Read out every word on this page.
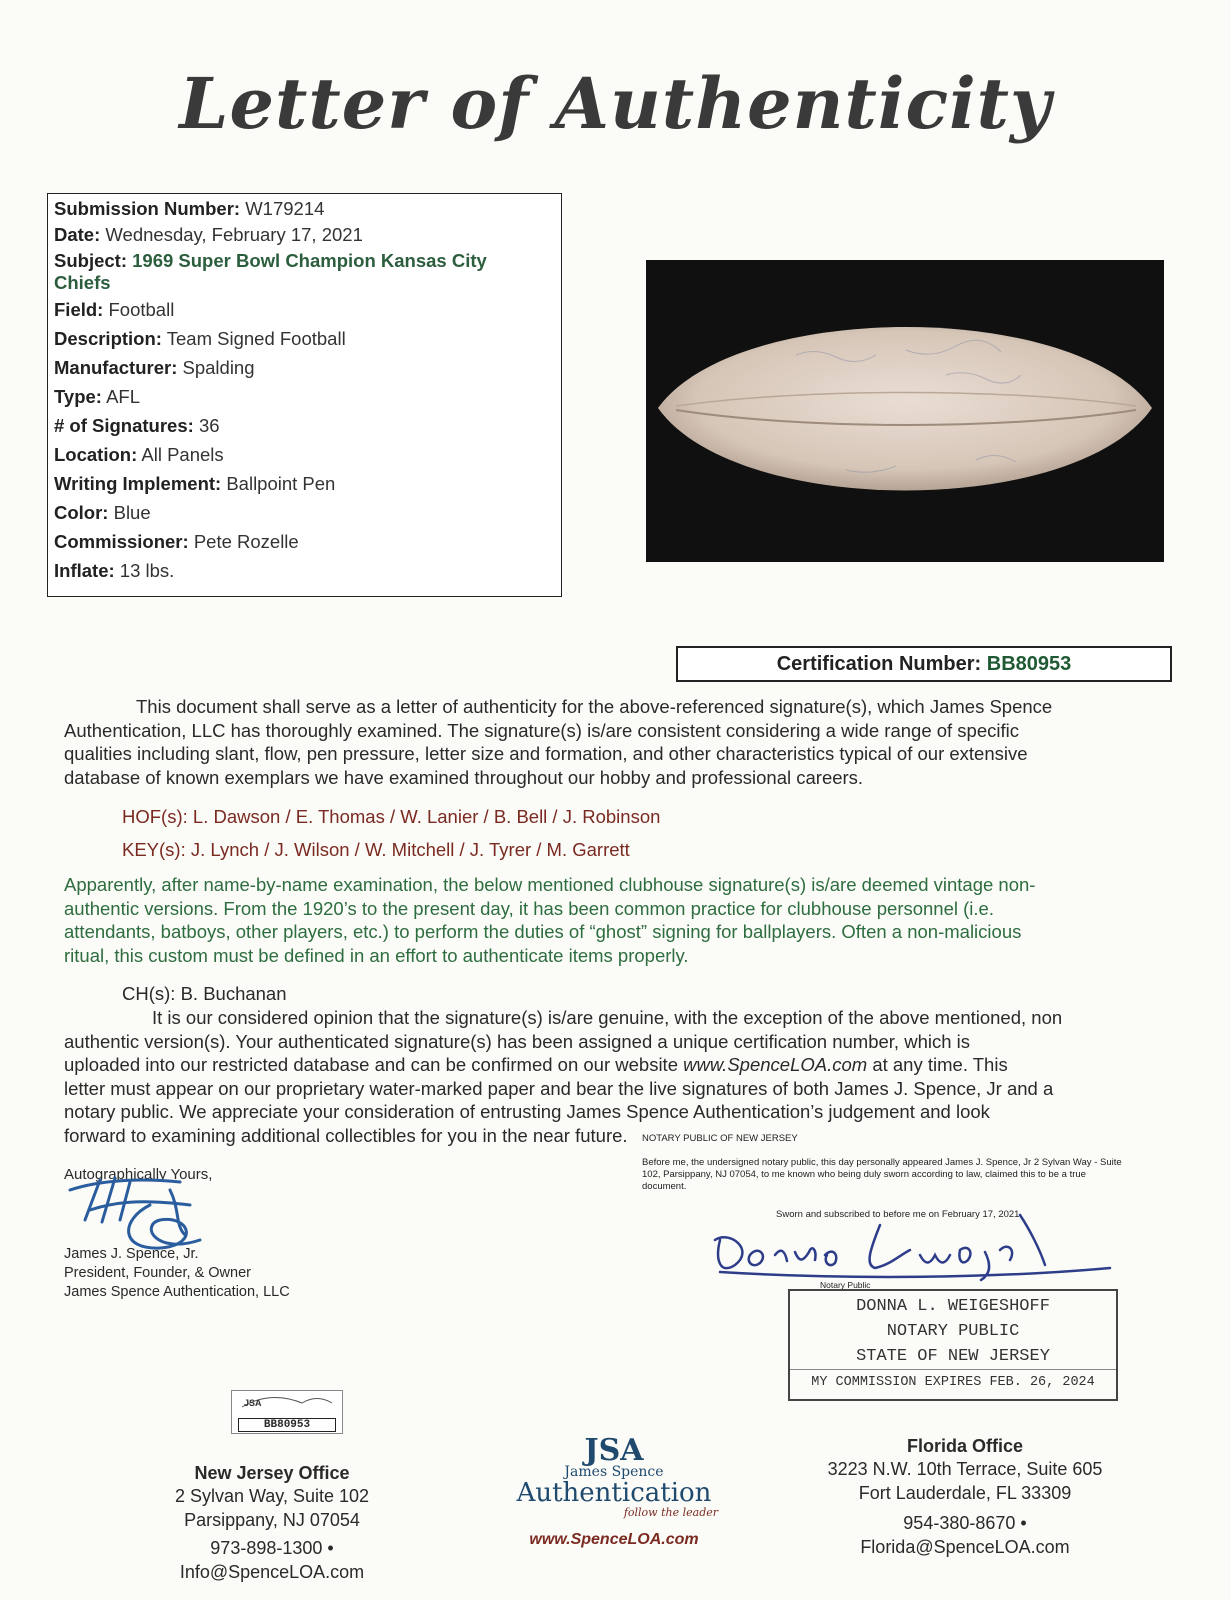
Letter of Authenticity
Submission Number: W179214
Date: Wednesday, February 17, 2021
Subject: 1969 Super Bowl Champion Kansas City
Chiefs
Field: Football
Description: Team Signed Football
Manufacturer: Spalding
Type: AFL
# of Signatures: 36
Location: All Panels
Writing Implement: Ballpoint Pen
Color: Blue
Commissioner: Pete Rozelle
Inflate: 13 lbs.
Certification Number: BB80953
This document shall serve as a letter of authenticity for the above-referenced signature(s), which James Spence
Authentication, LLC has thoroughly examined. The signature(s) is/are consistent considering a wide range of specific
qualities including slant, flow, pen pressure, letter size and formation, and other characteristics typical of our extensive
database of known exemplars we have examined throughout our hobby and professional careers.
HOF(s): L. Dawson / E. Thomas / W. Lanier / B. Bell / J. Robinson
KEY(s): J. Lynch / J. Wilson / W. Mitchell / J. Tyrer / M. Garrett
Apparently, after name-by-name examination, the below mentioned clubhouse signature(s) is/are deemed vintage non-
authentic versions. From the 1920’s to the present day, it has been common practice for clubhouse personnel (i.e.
attendants, batboys, other players, etc.) to perform the duties of “ghost” signing for ballplayers. Often a non-malicious
ritual, this custom must be defined in an effort to authenticate items properly.
CH(s): B. Buchanan
It is our considered opinion that the signature(s) is/are genuine, with the exception of the above mentioned, non
authentic version(s). Your authenticated signature(s) has been assigned a unique certification number, which is
uploaded into our restricted database and can be confirmed on our website www.SpenceLOA.com at any time. This
letter must appear on our proprietary water-marked paper and bear the live signatures of both James J. Spence, Jr and a
notary public. We appreciate your consideration of entrusting James Spence Authentication’s judgement and look
forward to examining additional collectibles for you in the near future.
Autographically Yours,
James J. Spence, Jr.
President, Founder, & Owner
James Spence Authentication, LLC
NOTARY PUBLIC OF NEW JERSEY
Before me, the undersigned notary public, this day personally appeared James J. Spence, Jr 2 Sylvan Way - Suite
102, Parsippany, NJ 07054, to me known who being duly sworn according to law, claimed this to be a true
document.
Sworn and subscribed to before me on February 17, 2021
Notary Public
DONNA L. WEIGESHOFF
NOTARY PUBLIC
STATE OF NEW JERSEY
MY COMMISSION EXPIRES FEB. 26, 2024
JSA
BB80953
New Jersey Office
2 Sylvan Way, Suite 102
Parsippany, NJ 07054
973-898-1300 • Info@SpenceLOA.com
JSA
James Spence
Authentication
follow the leader
www.SpenceLOA.com
Florida Office
3223 N.W. 10th Terrace, Suite 605
Fort Lauderdale, FL 33309
954-380-8670 • Florida@SpenceLOA.com
